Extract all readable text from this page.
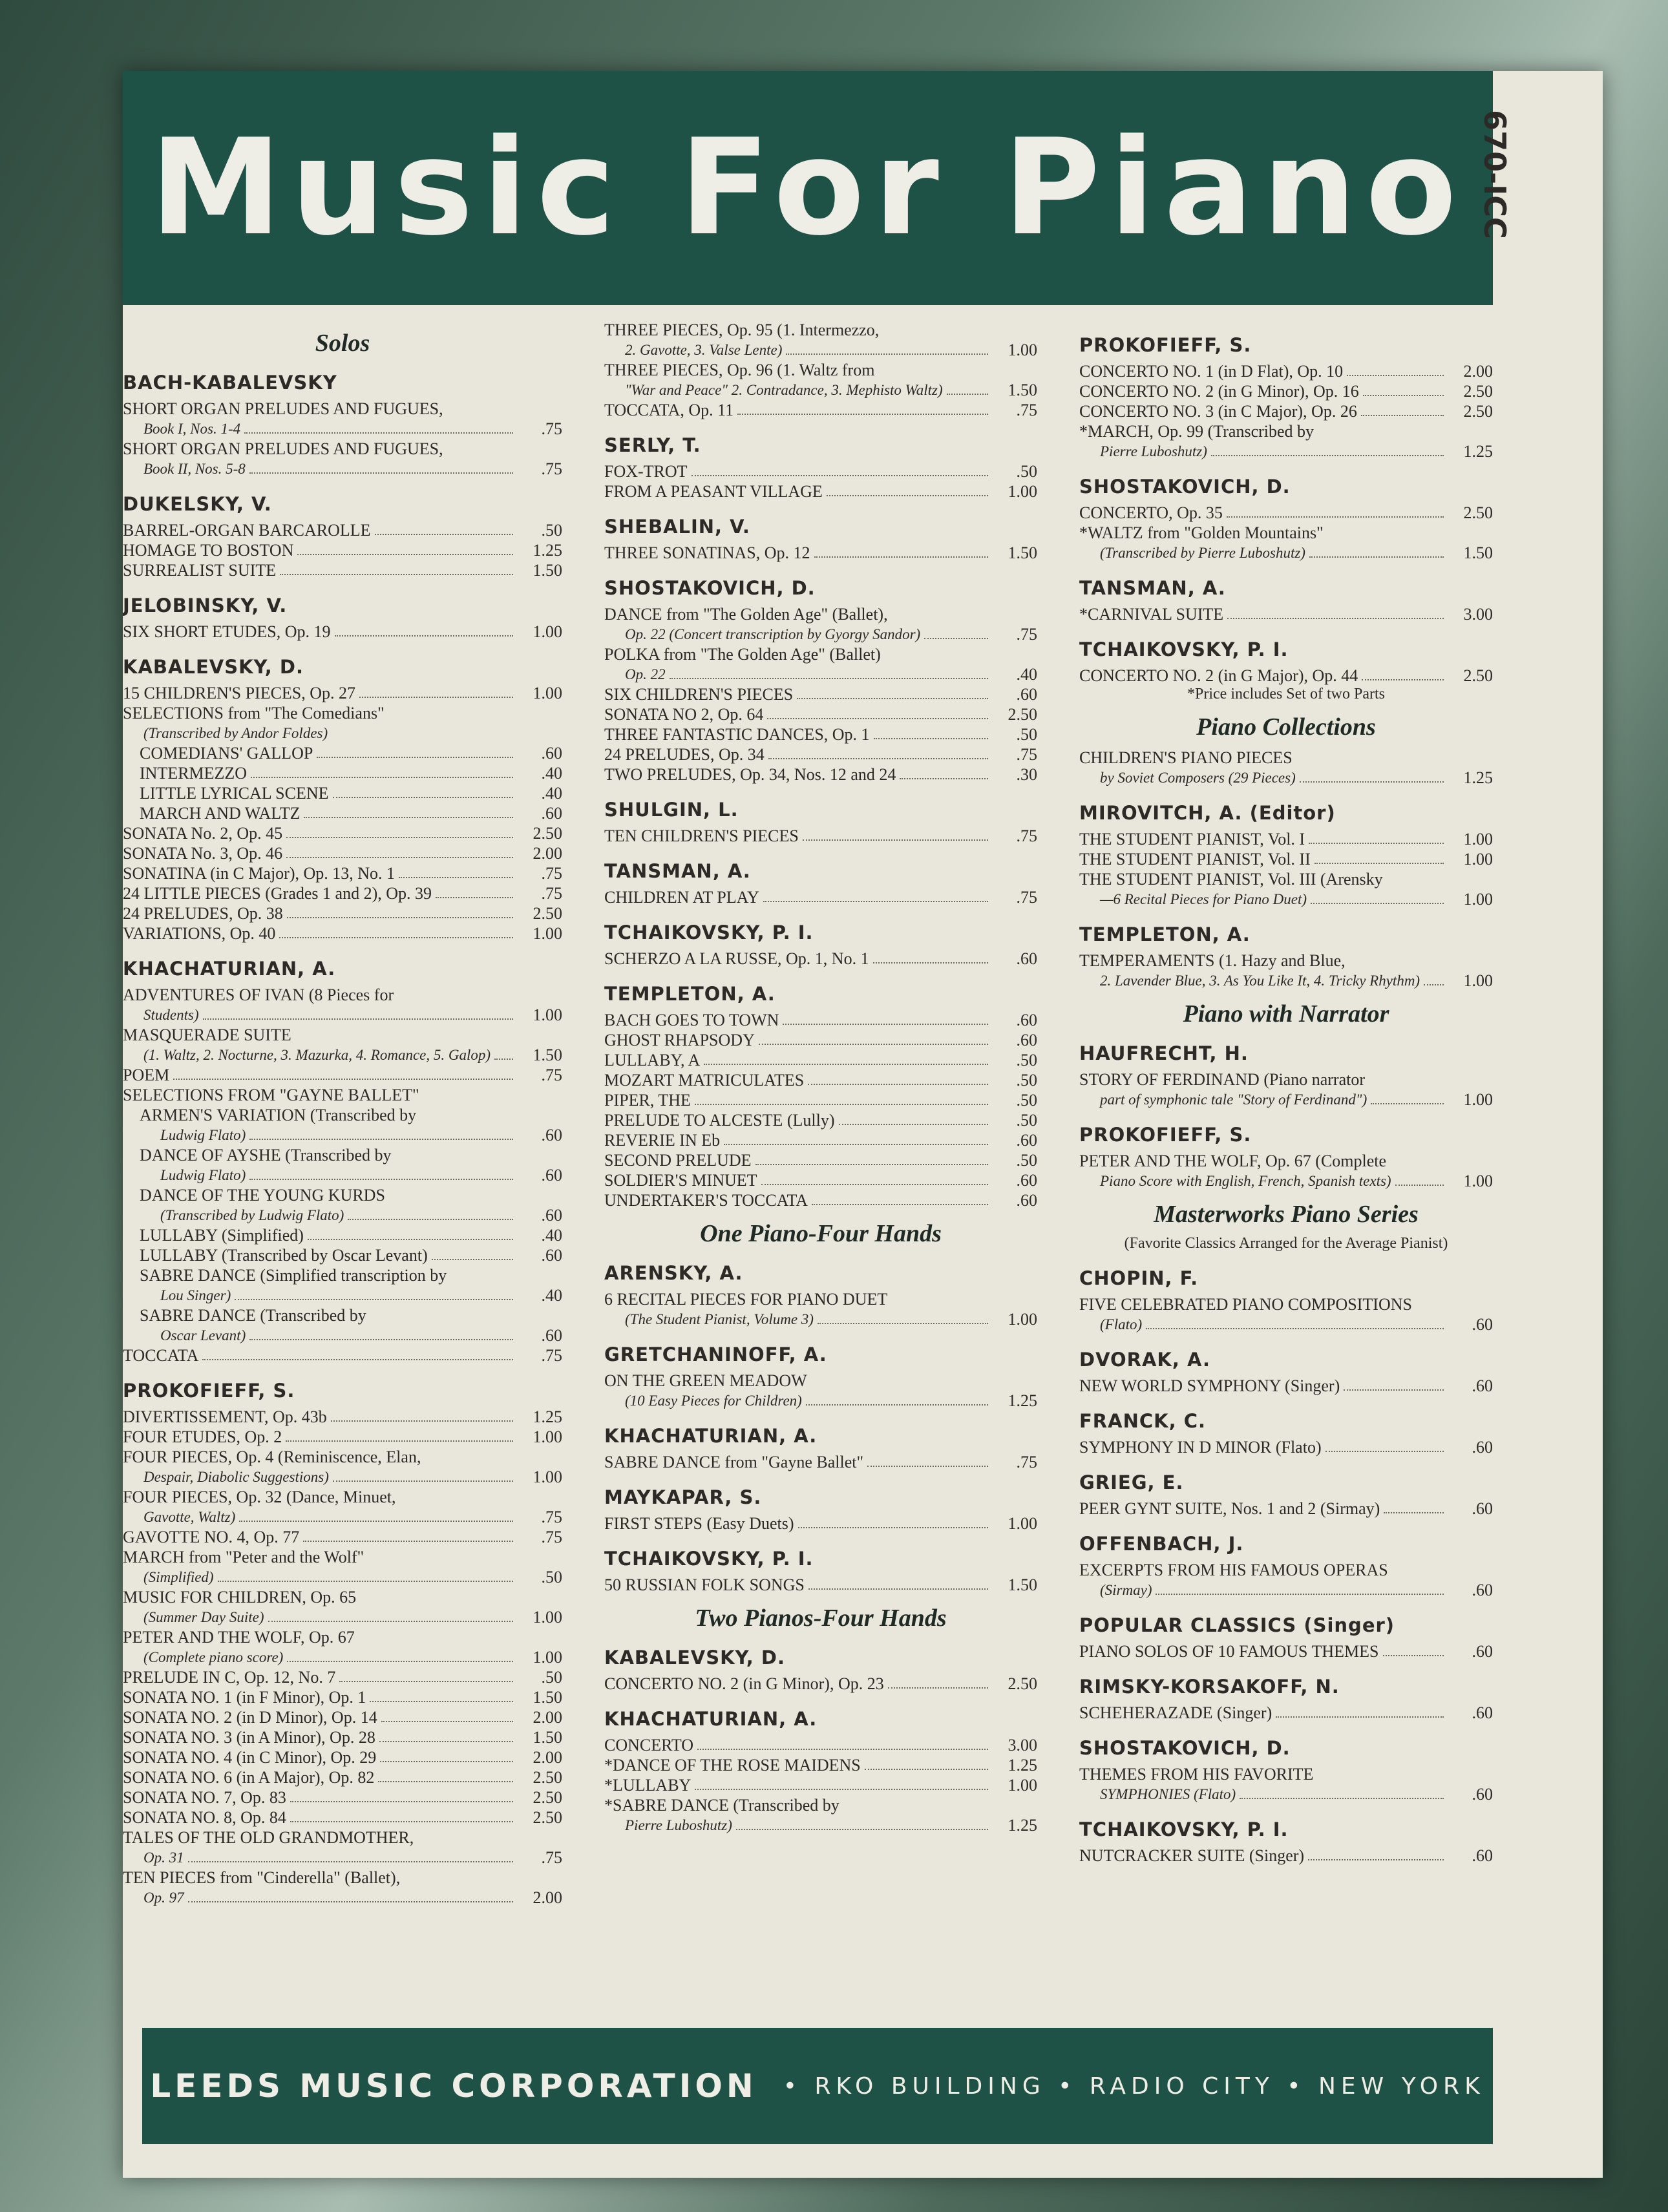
Music For Piano 670-ICC
Solos
BACH-KABALEVSKY
SHORT ORGAN PRELUDES AND FUGUES,
Book I, Nos. 1-4	.75
SHORT ORGAN PRELUDES AND FUGUES,
Book II, Nos. 5-8	.75
DUKELSKY, V.
BARREL-ORGAN BARCAROLLE	.50
HOMAGE TO BOSTON	1.25
SURREALIST SUITE	1.50
JELOBINSKY, V.
SIX SHORT ETUDES, Op. 19	1.00
KABALEVSKY, D.
15 CHILDREN'S PIECES, Op. 27	1.00
SELECTIONS from "The Comedians"
(Transcribed by Andor Foldes)
COMEDIANS' GALLOP	.60
INTERMEZZO	.40
LITTLE LYRICAL SCENE	.40
MARCH AND WALTZ	.60
SONATA No. 2, Op. 45	2.50
SONATA No. 3, Op. 46	2.00
SONATINA (in C Major), Op. 13, No. 1	.75
24 LITTLE PIECES (Grades 1 and 2), Op. 39	.75
24 PRELUDES, Op. 38	2.50
VARIATIONS, Op. 40	1.00
KHACHATURIAN, A.
ADVENTURES OF IVAN (8 Pieces for
Students)	1.00
MASQUERADE SUITE
(1. Waltz, 2. Nocturne, 3. Mazurka, 4. Romance, 5. Galop)	1.50
POEM	.75
SELECTIONS FROM "GAYNE BALLET"
ARMEN'S VARIATION (Transcribed by
Ludwig Flato)	.60
DANCE OF AYSHE (Transcribed by
Ludwig Flato)	.60
DANCE OF THE YOUNG KURDS
(Transcribed by Ludwig Flato)	.60
LULLABY (Simplified)	.40
LULLABY (Transcribed by Oscar Levant)	.60
SABRE DANCE (Simplified transcription by
Lou Singer)	.40
SABRE DANCE (Transcribed by
Oscar Levant)	.60
TOCCATA	.75
PROKOFIEFF, S.
DIVERTISSEMENT, Op. 43b	1.25
FOUR ETUDES, Op. 2	1.00
FOUR PIECES, Op. 4 (Reminiscence, Elan,
Despair, Diabolic Suggestions)	1.00
FOUR PIECES, Op. 32 (Dance, Minuet,
Gavotte, Waltz)	.75
GAVOTTE NO. 4, Op. 77	.75
MARCH from "Peter and the Wolf"
(Simplified)	.50
MUSIC FOR CHILDREN, Op. 65
(Summer Day Suite)	1.00
PETER AND THE WOLF, Op. 67
(Complete piano score)	1.00
PRELUDE IN C, Op. 12, No. 7	.50
SONATA NO. 1 (in F Minor), Op. 1	1.50
SONATA NO. 2 (in D Minor), Op. 14	2.00
SONATA NO. 3 (in A Minor), Op. 28	1.50
SONATA NO. 4 (in C Minor), Op. 29	2.00
SONATA NO. 6 (in A Major), Op. 82	2.50
SONATA NO. 7, Op. 83	2.50
SONATA NO. 8, Op. 84	2.50
TALES OF THE OLD GRANDMOTHER,
Op. 31	.75
TEN PIECES from "Cinderella" (Ballet),
Op. 97	2.00
THREE PIECES, Op. 95 (1. Intermezzo,
2. Gavotte, 3. Valse Lente)	1.00
THREE PIECES, Op. 96 (1. Waltz from
"War and Peace" 2. Contradance, 3. Mephisto Waltz)	1.50
TOCCATA, Op. 11	.75
SERLY, T.
FOX-TROT	.50
FROM A PEASANT VILLAGE	1.00
SHEBALIN, V.
THREE SONATINAS, Op. 12	1.50
SHOSTAKOVICH, D.
DANCE from "The Golden Age" (Ballet),
Op. 22 (Concert transcription by Gyorgy Sandor)	.75
POLKA from "The Golden Age" (Ballet)
Op. 22	.40
SIX CHILDREN'S PIECES	.60
SONATA NO 2, Op. 64	2.50
THREE FANTASTIC DANCES, Op. 1	.50
24 PRELUDES, Op. 34	.75
TWO PRELUDES, Op. 34, Nos. 12 and 24	.30
SHULGIN, L.
TEN CHILDREN'S PIECES	.75
TANSMAN, A.
CHILDREN AT PLAY	.75
TCHAIKOVSKY, P. I.
SCHERZO A LA RUSSE, Op. 1, No. 1	.60
TEMPLETON, A.
BACH GOES TO TOWN	.60
GHOST RHAPSODY	.60
LULLABY, A	.50
MOZART MATRICULATES	.50
PIPER, THE	.50
PRELUDE TO ALCESTE (Lully)	.50
REVERIE IN Eb	.60
SECOND PRELUDE	.50
SOLDIER'S MINUET	.60
UNDERTAKER'S TOCCATA	.60
One Piano-Four Hands
ARENSKY, A.
6 RECITAL PIECES FOR PIANO DUET
(The Student Pianist, Volume 3)	1.00
GRETCHANINOFF, A.
ON THE GREEN MEADOW
(10 Easy Pieces for Children)	1.25
KHACHATURIAN, A.
SABRE DANCE from "Gayne Ballet"	.75
MAYKAPAR, S.
FIRST STEPS (Easy Duets)	1.00
TCHAIKOVSKY, P. I.
50 RUSSIAN FOLK SONGS	1.50
Two Pianos-Four Hands
KABALEVSKY, D.
CONCERTO NO. 2 (in G Minor), Op. 23	2.50
KHACHATURIAN, A.
CONCERTO	3.00
*DANCE OF THE ROSE MAIDENS	1.25
*LULLABY	1.00
*SABRE DANCE (Transcribed by
Pierre Luboshutz)	1.25
PROKOFIEFF, S.
CONCERTO NO. 1 (in D Flat), Op. 10	2.00
CONCERTO NO. 2 (in G Minor), Op. 16	2.50
CONCERTO NO. 3 (in C Major), Op. 26	2.50
*MARCH, Op. 99 (Transcribed by
Pierre Luboshutz)	1.25
SHOSTAKOVICH, D.
CONCERTO, Op. 35	2.50
*WALTZ from "Golden Mountains"
(Transcribed by Pierre Luboshutz)	1.50
TANSMAN, A.
*CARNIVAL SUITE	3.00
TCHAIKOVSKY, P. I.
CONCERTO NO. 2 (in G Major), Op. 44	2.50
*Price includes Set of two Parts
Piano Collections
CHILDREN'S PIANO PIECES
by Soviet Composers (29 Pieces)	1.25
MIROVITCH, A. (Editor)
THE STUDENT PIANIST, Vol. I	1.00
THE STUDENT PIANIST, Vol. II	1.00
THE STUDENT PIANIST, Vol. III (Arensky
—6 Recital Pieces for Piano Duet)	1.00
TEMPLETON, A.
TEMPERAMENTS (1. Hazy and Blue,
2. Lavender Blue, 3. As You Like It, 4. Tricky Rhythm)	1.00
Piano with Narrator
HAUFRECHT, H.
STORY OF FERDINAND (Piano narrator
part of symphonic tale "Story of Ferdinand")	1.00
PROKOFIEFF, S.
PETER AND THE WOLF, Op. 67 (Complete
Piano Score with English, French, Spanish texts)	1.00
Masterworks Piano Series
(Favorite Classics Arranged for the Average Pianist)
CHOPIN, F.
FIVE CELEBRATED PIANO COMPOSITIONS
(Flato)	.60
DVORAK, A.
NEW WORLD SYMPHONY (Singer)	.60
FRANCK, C.
SYMPHONY IN D MINOR (Flato)	.60
GRIEG, E.
PEER GYNT SUITE, Nos. 1 and 2 (Sirmay)	.60
OFFENBACH, J.
EXCERPTS FROM HIS FAMOUS OPERAS
(Sirmay)	.60
POPULAR CLASSICS (Singer)
PIANO SOLOS OF 10 FAMOUS THEMES	.60
RIMSKY-KORSAKOFF, N.
SCHEHERAZADE (Singer)	.60
SHOSTAKOVICH, D.
THEMES FROM HIS FAVORITE
SYMPHONIES (Flato)	.60
TCHAIKOVSKY, P. I.
NUTCRACKER SUITE (Singer)	.60
LEEDS MUSIC CORPORATION • RKO BUILDING • RADIO CITY • NEW YORK
